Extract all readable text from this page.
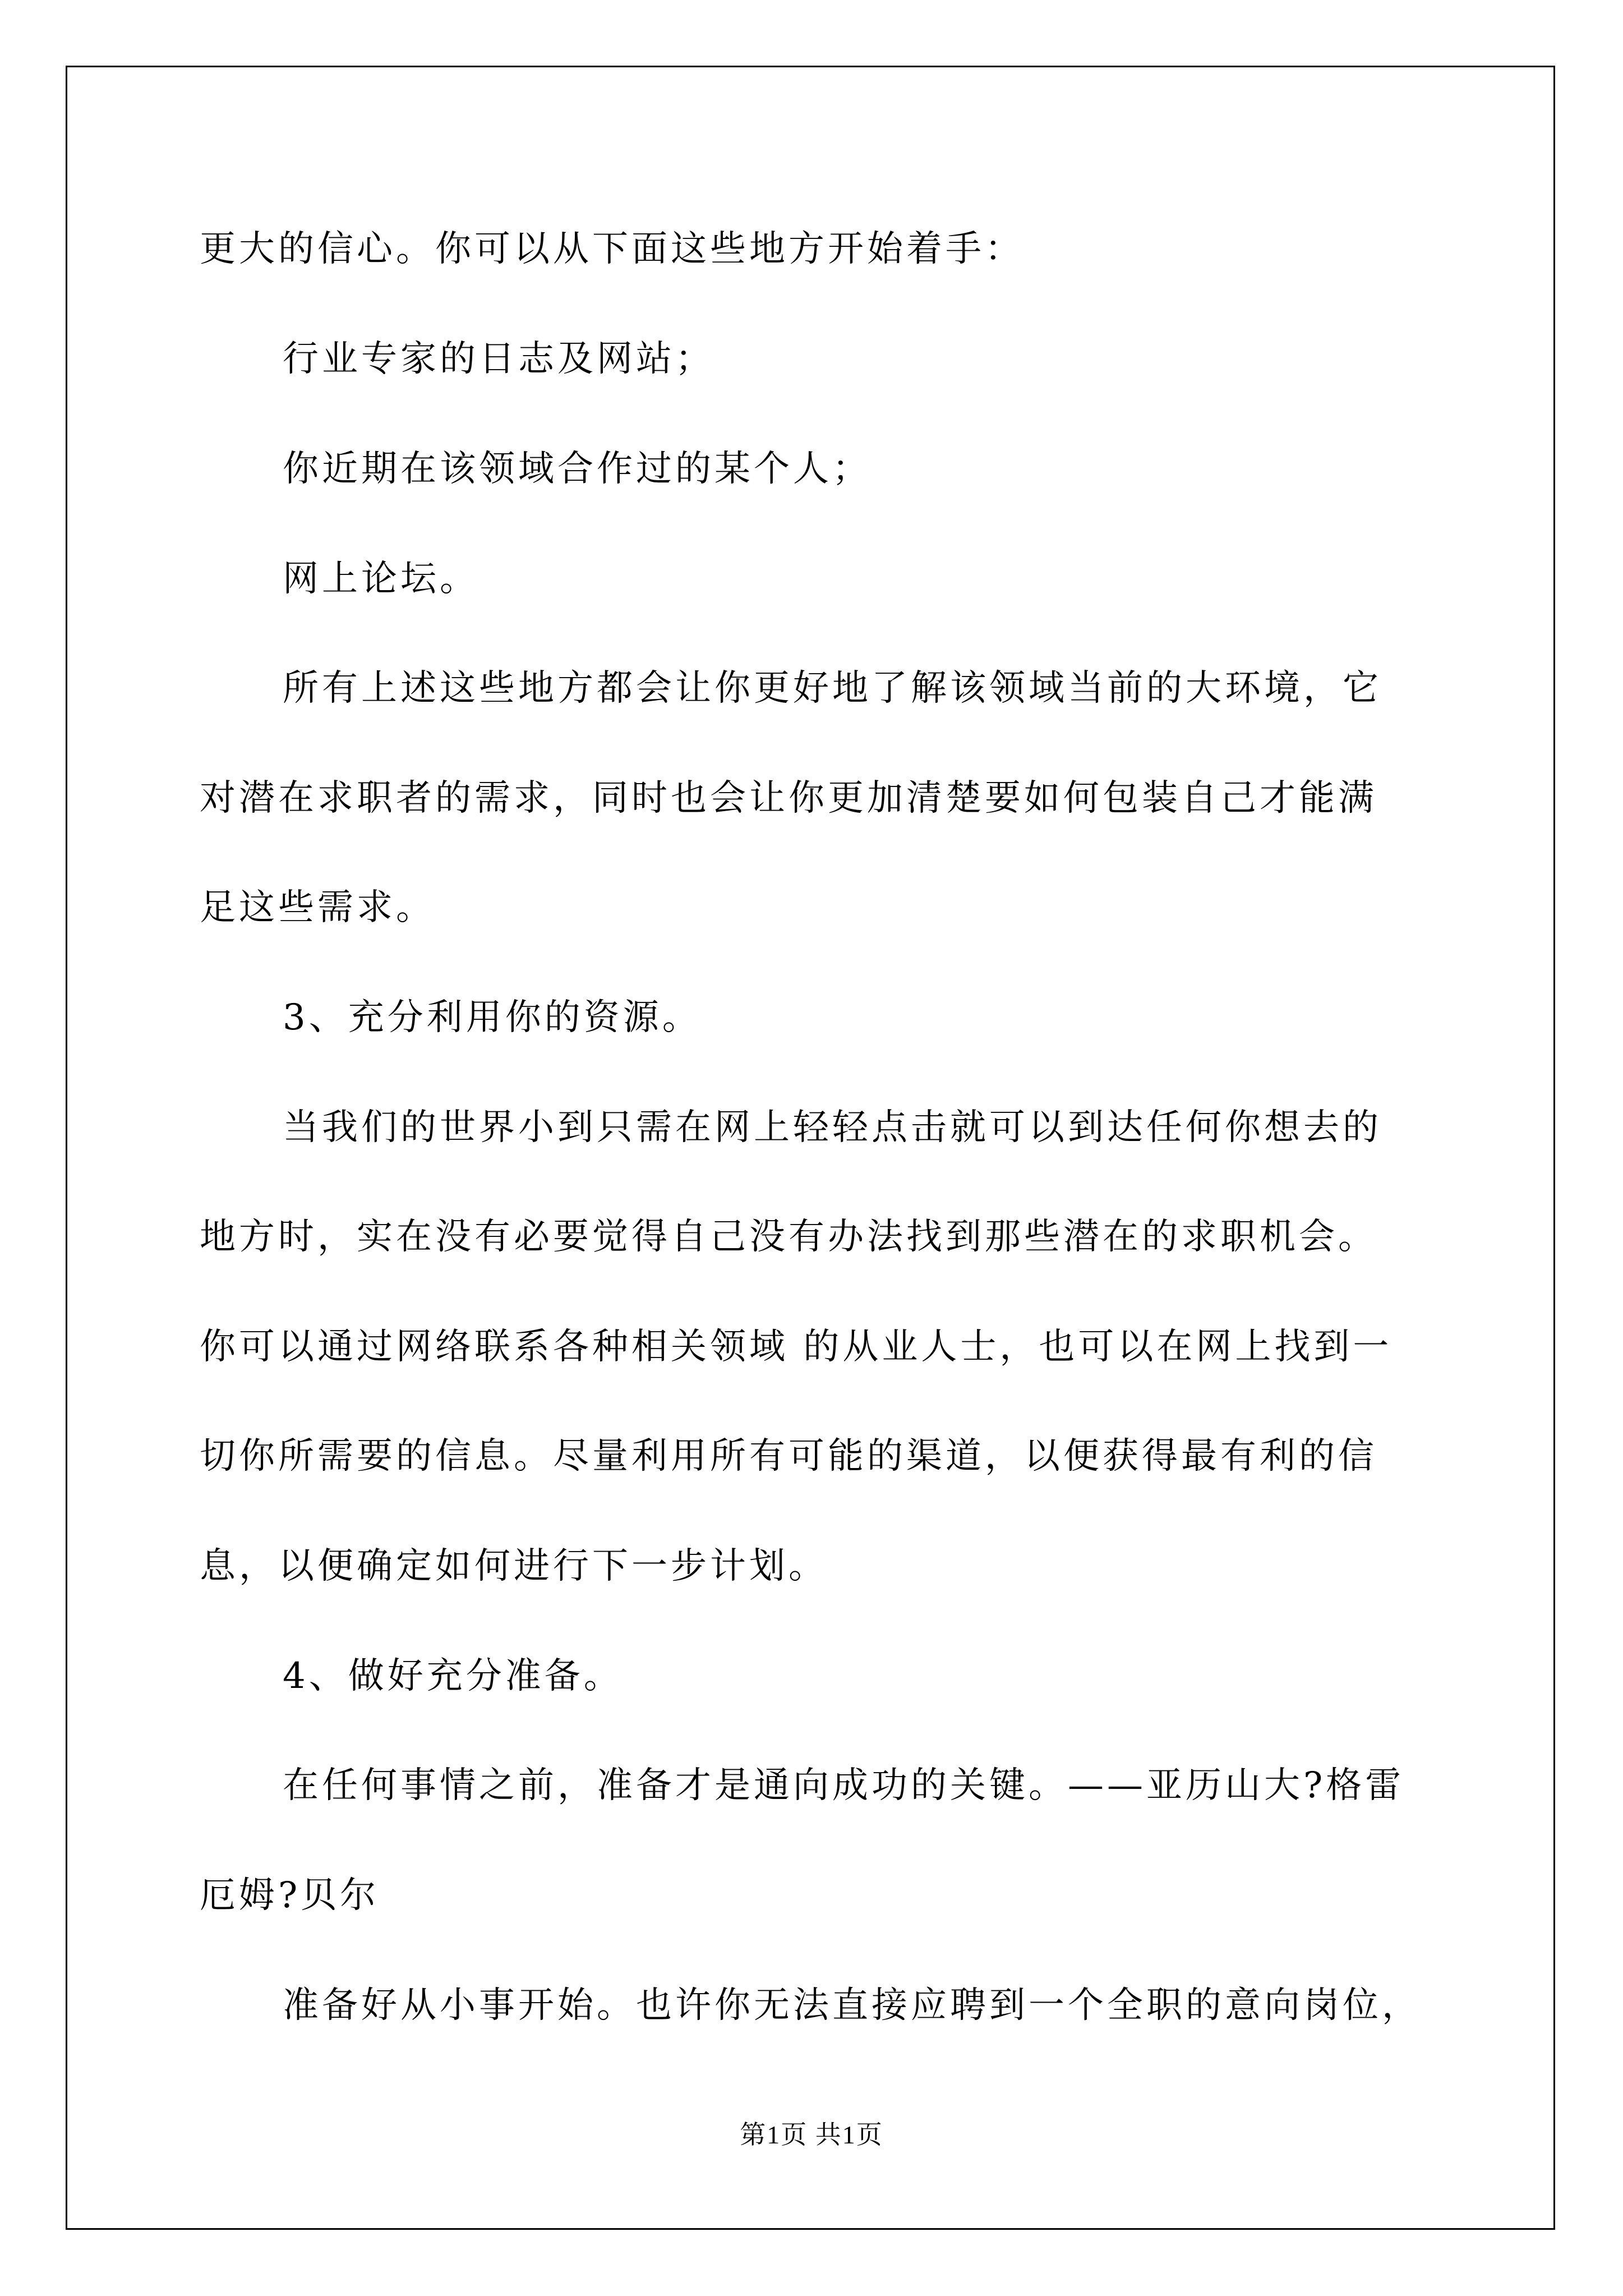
更大的信心。你可以从下面这些地方开始着手：
行业专家的日志及网站；
你近期在该领域合作过的某个人；
网上论坛。
所有上述这些地方都会让你更好地了解该领域当前的大环境，它
对潜在求职者的需求，同时也会让你更加清楚要如何包装自己才能满
足这些需求。
3、充分利用你的资源。
当我们的世界小到只需在网上轻轻点击就可以到达任何你想去的
地方时，实在没有必要觉得自己没有办法找到那些潜在的求职机会。
你可以通过网络联系各种相关领域 的从业人士，也可以在网上找到一
切你所需要的信息。尽量利用所有可能的渠道，以便获得最有利的信
息，以便确定如何进行下一步计划。
4、做好充分准备。
在任何事情之前，准备才是通向成功的关键。——亚历山大?格雷
厄姆?贝尔
准备好从小事开始。也许你无法直接应聘到一个全职的意向岗位，
第1页 共1页
